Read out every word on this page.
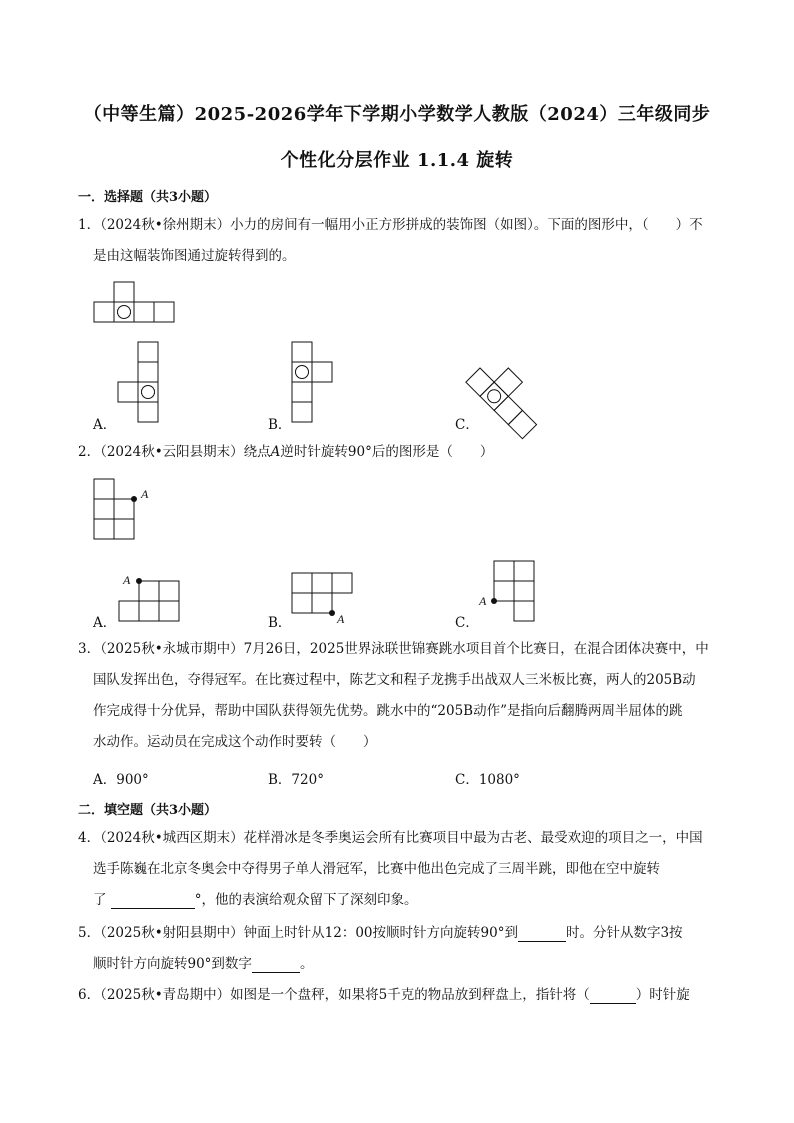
（中等生篇）2025-2026学年下学期小学数学人教版（2024）三年级同步
个性化分层作业 1.1.4 旋转
一．选择题（共3小题）
1．（2024秋•徐州期末）小力的房间有一幅用小正方形拼成的装饰图（如图）。下面的图形中，（　　）不
是由这幅装饰图通过旋转得到的。
A．	B．	C．
2．（2024秋•云阳县期末）绕点A逆时针旋转90°后的图形是（　　）
A
A
A
A
A．	B．	C．
3．（2025秋•永城市期中）7月26日，2025世界泳联世锦赛跳水项目首个比赛日，在混合团体决赛中，中
国队发挥出色，夺得冠军。在比赛过程中，陈艺文和程子龙携手出战双人三米板比赛，两人的205B动
作完成得十分优异，帮助中国队获得领先优势。跳水中的“205B动作”是指向后翻腾两周半屈体的跳
水动作。运动员在完成这个动作时要转（　　）
A．900°	B．720°	C．1080°
二．填空题（共3小题）
4．（2024秋•城西区期末）花样滑冰是冬季奥运会所有比赛项目中最为古老、最受欢迎的项目之一，中国
选手陈巍在北京冬奥会中夺得男子单人滑冠军，比赛中他出色完成了三周半跳，即他在空中旋转
了	°，他的表演给观众留下了深刻印象。
5．（2025秋•射阳县期中）钟面上时针从12：00按顺时针方向旋转90°到	时。分针从数字3按
顺时针方向旋转90°到数字	。
6．（2025秋•青岛期中）如图是一个盘秤，如果将5千克的物品放到秤盘上，指针将（	）时针旋
